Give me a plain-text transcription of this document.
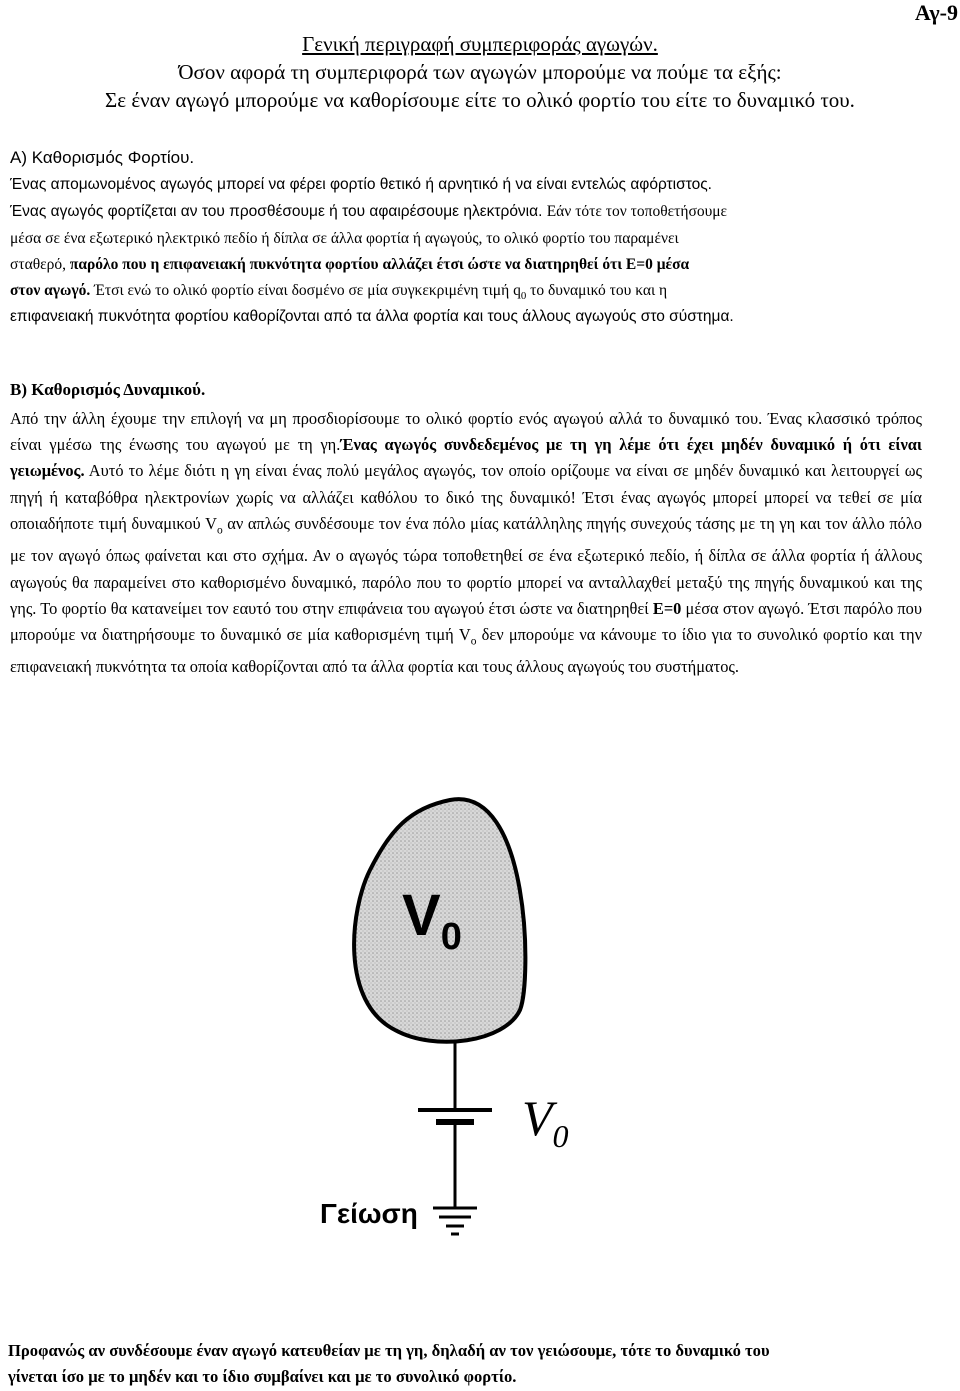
Αγ-9
Γενική περιγραφή συμπεριφοράς αγωγών.
Όσον αφορά τη συμπεριφορά των αγωγών μπορούμε να πούμε τα εξής:
Σε έναν αγωγό μπορούμε να καθορίσουμε είτε το ολικό φορτίο του είτε το δυναμικό του.
Α) Καθορισμός Φορτίου.
Ένας απομωνομένος αγωγός μπορεί να φέρει φορτίο θετικό ή αρνητικό ή να είναι εντελώς αφόρτιστος.
Ένας αγωγός φορτίζεται αν του προσθέσουμε ή του αφαιρέσουμε ηλεκτρόνια. Εάν τότε τον τοποθετήσουμε
μέσα σε ένα εξωτερικό ηλεκτρικό πεδίο ή δίπλα σε άλλα φορτία ή αγωγούς, το ολικό φορτίο του παραμένει
σταθερό, παρόλο που η επιφανειακή πυκνότητα φορτίου αλλάζει έτσι ώστε να διατηρηθεί ότι Ε=0 μέσα
στον αγωγό. Έτσι ενώ το ολικό φορτίο είναι δοσμένο σε μία συγκεκριμένη τιμή $q_0$ το δυναμικό του και η
επιφανειακή πυκνότητα φορτίου καθορίζονται από τα άλλα φορτία και τους άλλους αγωγούς στο σύστημα.
Β) Καθορισμός Δυναμικού.
Από την άλλη έχουμε την επιλογή να μη προσδιορίσουμε το ολικό φορτίο ενός αγωγού αλλά το δυναμικό του. Ένας κλασσικό τρόπος είναι γμέσω της ένωσης του αγωγού με τη γη.Ένας αγωγός συνδεδεμένος με τη γη λέμε ότι έχει μηδέν δυναμικό ή ότι είναι γειωμένος. Αυτό το λέμε διότι η γη είναι ένας πολύ μεγάλος αγωγός, τον οποίο ορίζουμε να είναι σε μηδέν δυναμικό και λειτουργεί ως πηγή ή καταβόθρα ηλεκτρονίων χωρίς να αλλάζει καθόλου το δικό της δυναμικό! Έτσι ένας αγωγός μπορεί μπορεί να τεθεί σε μία οποιαδήποτε τιμή δυναμικού $V_o$ αν απλώς συνδέσουμε τον ένα πόλο μίας κατάλληλης πηγής συνεχούς τάσης με τη γη και τον άλλο πόλο με τον αγωγό όπως φαίνεται και στο σχήμα. Αν ο αγωγός τώρα τοποθετηθεί σε ένα εξωτερικό πεδίο, ή δίπλα σε άλλα φορτία ή άλλους αγωγούς θα παραμείνει στο καθορισμένο δυναμικό, παρόλο που το φορτίο μπορεί να ανταλλαχθεί μεταξύ της πηγής δυναμικού και της γης. Το φορτίο θα κατανείμει τον εαυτό του στην επιφάνεια του αγωγού έτσι ώστε να διατηρηθεί Ε=0 μέσα στον αγωγό. Έτσι παρόλο που μπορούμε να διατηρήσουμε το δυναμικό σε μία καθορισμένη τιμή $V_o$ δεν μπορούμε να κάνουμε το ίδιο για το συνολικό φορτίο και την επιφανειακή πυκνότητα τα οποία καθορίζονται από τα άλλα φορτία και τους άλλους αγωγούς του συστήματος.
$V_0$
$V_0$
Γείωση
Προφανώς αν συνδέσουμε έναν αγωγό κατευθείαν με τη γη, δηλαδή αν τον γειώσουμε, τότε το δυναμικό του
γίνεται ίσο με το μηδέν και το ίδιο συμβαίνει και με το συνολικό φορτίο.
